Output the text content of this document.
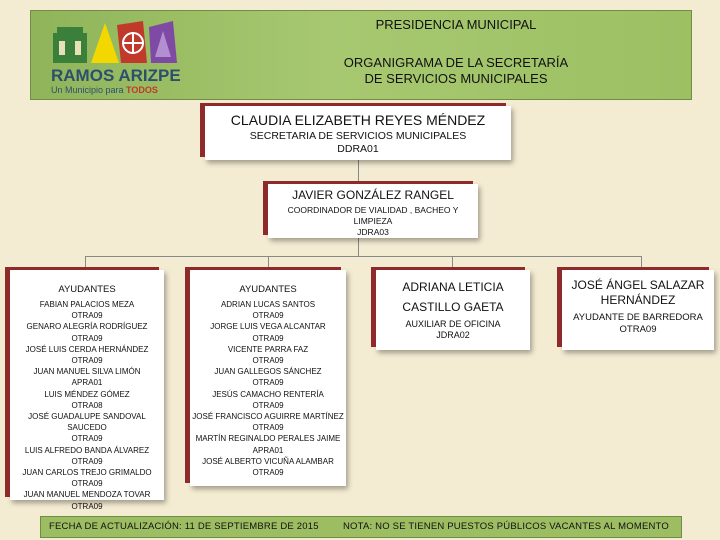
RAMOS ARIZPE
Un Municipio para TODOS
PRESIDENCIA MUNICIPAL
ORGANIGRAMA DE LA SECRETARÍA
DE SERVICIOS MUNICIPALES
CLAUDIA ELIZABETH REYES MÉNDEZ
SECRETARIA DE SERVICIOS MUNICIPALES
DDRA01
JAVIER GONZÁLEZ RANGEL
COORDINADOR DE VIALIDAD , BACHEO Y
LIMPIEZA
JDRA03
AYUDANTES
FABIAN PALACIOS MEZA
OTRA09
GENARO ALEGRÍA RODRÍGUEZ
OTRA09
JOSÉ LUIS CERDA HERNÁNDEZ
OTRA09
JUAN MANUEL SILVA LIMÓN
APRA01
LUIS MÉNDEZ GÓMEZ
OTRA08
JOSÉ GUADALUPE SANDOVAL
SAUCEDO
OTRA09
LUIS ALFREDO BANDA ÁLVAREZ
OTRA09
JUAN CARLOS TREJO GRIMALDO
OTRA09
JUAN MANUEL MENDOZA TOVAR
OTRA09
AYUDANTES
ADRIAN LUCAS SANTOS
OTRA09
JORGE LUIS VEGA ALCANTAR
OTRA09
VICENTE PARRA FAZ
OTRA09
JUAN GALLEGOS SÁNCHEZ
OTRA09
JESÚS CAMACHO RENTERÍA
OTRA09
JOSÉ FRANCISCO AGUIRRE MARTÍNEZ
OTRA09
MARTÍN REGINALDO PERALES JAIME
APRA01
JOSÉ ALBERTO VICUÑA ALAMBAR
OTRA09
ADRIANA LETICIA
CASTILLO GAETA
AUXILIAR DE OFICINA
JDRA02
JOSÉ ÁNGEL SALAZAR
HERNÁNDEZ
AYUDANTE DE BARREDORA
OTRA09
FECHA DE ACTUALIZACIÓN: 11 DE SEPTIEMBRE DE 2015	NOTA: NO SE TIENEN PUESTOS PÚBLICOS VACANTES AL MOMENTO
